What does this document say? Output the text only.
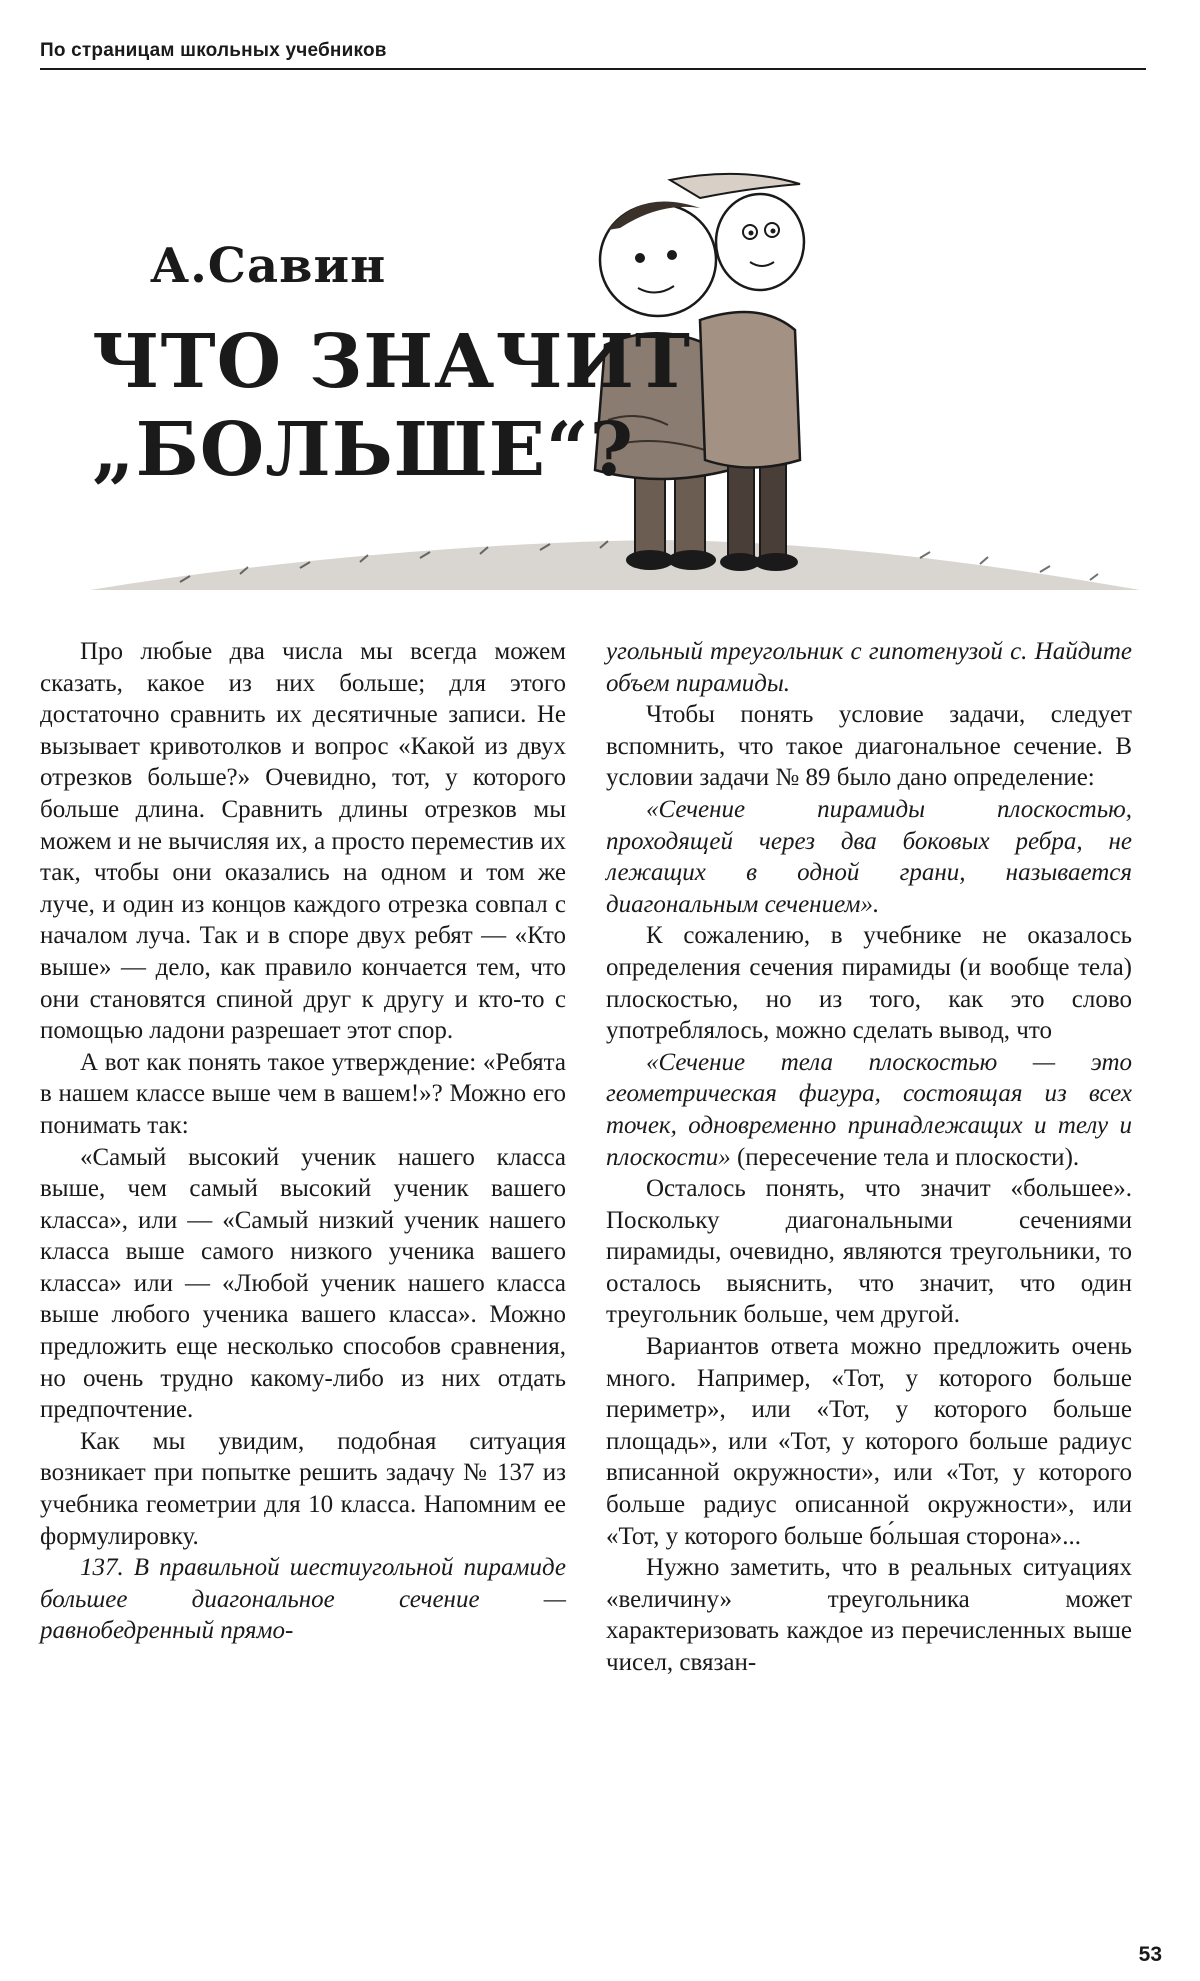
По страницам школьных учебников
А.Савин
ЧТО ЗНАЧИТ
„БОЛЬШЕ“?

Про любые два числа мы всегда можем сказать, какое из них больше; для этого достаточно сравнить их десятичные записи. Не вызывает кривотолков и вопрос «Какой из двух отрезков больше?» Очевидно, тот, у которого больше длина. Сравнить длины отрезков мы можем и не вычисляя их, а просто переместив их так, чтобы они оказались на одном и том же луче, и один из концов каждого отрезка совпал с началом луча. Так и в споре двух ребят — «Кто выше» — дело, как правило кончается тем, что они становятся спиной друг к другу и кто-то с помощью ладони разрешает этот спор.

А вот как понять такое утверждение: «Ребята в нашем классе выше чем в вашем!»? Можно его понимать так:

«Самый высокий ученик нашего класса выше, чем самый высокий ученик вашего класса», или — «Самый низкий ученик нашего класса выше самого низкого ученика вашего класса» или — «Любой ученик нашего класса выше любого ученика вашего класса». Можно предложить еще несколько способов сравнения, но очень трудно какому-либо из них отдать предпочтение.

Как мы увидим, подобная ситуация возникает при попытке решить задачу № 137 из учебника геометрии для 10 класса. Напомним ее формулировку.

137. В правильной шестиугольной пирамиде большее диагональное сечение — равнобедренный прямо-

угольный треугольник с гипотенузой с. Найдите объем пирамиды.

Чтобы понять условие задачи, следует вспомнить, что такое диагональное сечение. В условии задачи № 89 было дано определение:

«Сечение пирамиды плоскостью, проходящей через два боковых ребра, не лежащих в одной грани, называется диагональным сечением».

К сожалению, в учебнике не оказалось определения сечения пирамиды (и вообще тела) плоскостью, но из того, как это слово употреблялось, можно сделать вывод, что

«Сечение тела плоскостью — это геометрическая фигура, состоящая из всех точек, одновременно принадлежащих и телу и плоскости» (пересечение тела и плоскости).

Осталось понять, что значит «большее». Поскольку диагональными сечениями пирамиды, очевидно, являются треугольники, то осталось выяснить, что значит, что один треугольник больше, чем другой.

Вариантов ответа можно предложить очень много. Например, «Тот, у которого больше периметр», или «Тот, у которого больше площадь», или «Тот, у которого больше радиус вписанной окружности», или «Тот, у которого больше радиус описанной окружности», или «Тот, у которого больше бо́льшая сторона»...

Нужно заметить, что в реальных ситуациях «величину» треугольника может характеризовать каждое из перечисленных выше чисел, связан-

53
